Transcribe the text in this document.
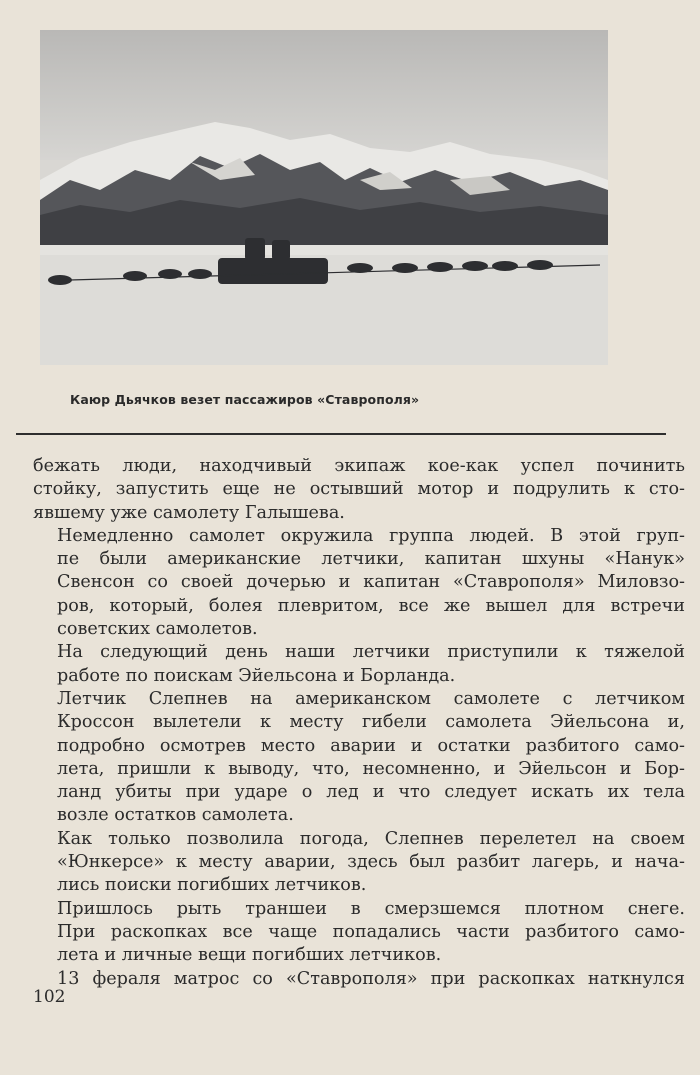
Каюр Дьячков везет пассажиров «Ставрополя»

бежать люди, находчивый экипаж кое-как успел починить
стойку, запустить еще не остывший мотор и подрулить к сто-
явшему уже самолету Галышева.

Немедленно самолет окружила группа людей. В этой груп-
пе были американские летчики, капитан шхуны «Нанук»
Свенсон со своей дочерью и капитан «Ставрополя» Миловзо-
ров, который, болея плевритом, все же вышел для встречи
советских самолетов.

На следующий день наши летчики приступили к тяжелой
работе по поискам Эйельсона и Борланда.

Летчик Слепнев на американском самолете с летчиком
Кроссон вылетели к месту гибели самолета Эйельсона и,
подробно осмотрев место аварии и остатки разбитого само-
лета, пришли к выводу, что, несомненно, и Эйельсон и Бор-
ланд убиты при ударе о лед и что следует искать их тела
возле остатков самолета.

Как только позволила погода, Слепнев перелетел на своем
«Юнкерсе» к месту аварии, здесь был разбит лагерь, и нача-
лись поиски погибших летчиков.

Пришлось рыть траншеи в смерзшемся плотном снеге.
При раскопках все чаще попадались части разбитого само-
лета и личные вещи погибших летчиков.

13 фераля матрос со «Ставрополя» при раскопках наткнулся

102
